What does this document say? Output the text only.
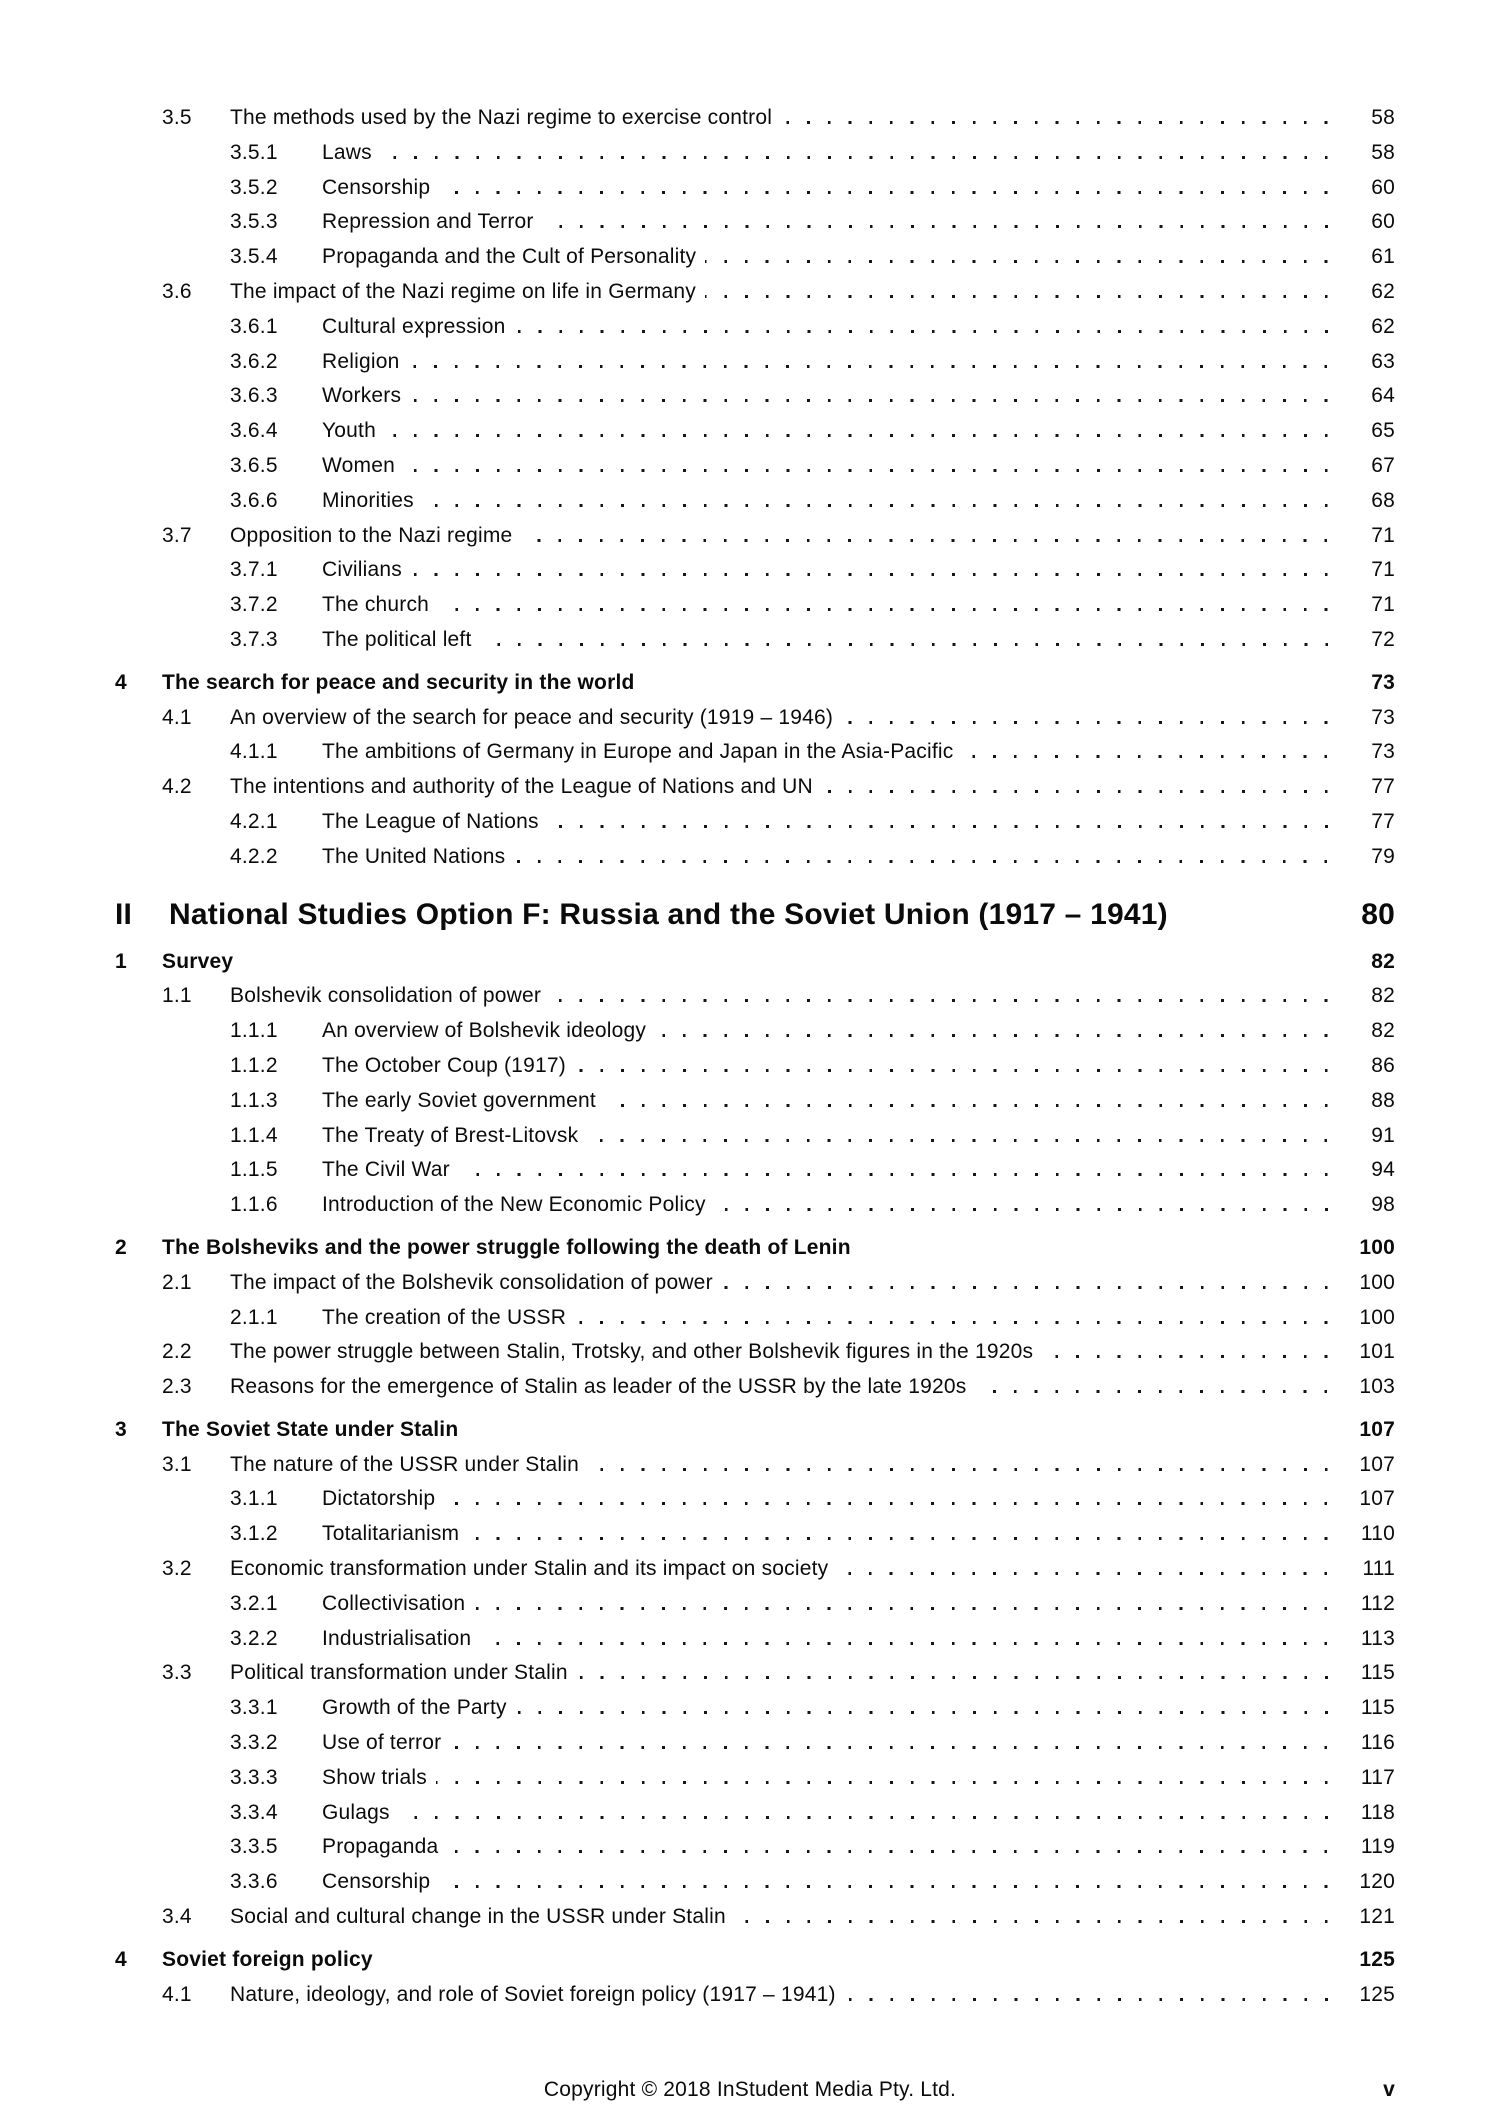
3.5	The methods used by the Nazi regime to exercise control	58
3.5.1	Laws	58
3.5.2	Censorship	60
3.5.3	Repression and Terror	60
3.5.4	Propaganda and the Cult of Personality	61
3.6	The impact of the Nazi regime on life in Germany	62
3.6.1	Cultural expression	62
3.6.2	Religion	63
3.6.3	Workers	64
3.6.4	Youth	65
3.6.5	Women	67
3.6.6	Minorities	68
3.7	Opposition to the Nazi regime	71
3.7.1	Civilians	71
3.7.2	The church	71
3.7.3	The political left	72
4	The search for peace and security in the world	73
4.1	An overview of the search for peace and security (1919 – 1946)	73
4.1.1	The ambitions of Germany in Europe and Japan in the Asia-Pacific	73
4.2	The intentions and authority of the League of Nations and UN	77
4.2.1	The League of Nations	77
4.2.2	The United Nations	79
II	National Studies Option F: Russia and the Soviet Union (1917 – 1941)	80
1	Survey	82
1.1	Bolshevik consolidation of power	82
1.1.1	An overview of Bolshevik ideology	82
1.1.2	The October Coup (1917)	86
1.1.3	The early Soviet government	88
1.1.4	The Treaty of Brest-Litovsk	91
1.1.5	The Civil War	94
1.1.6	Introduction of the New Economic Policy	98
2	The Bolsheviks and the power struggle following the death of Lenin	100
2.1	The impact of the Bolshevik consolidation of power	100
2.1.1	The creation of the USSR	100
2.2	The power struggle between Stalin, Trotsky, and other Bolshevik figures in the 1920s	101
2.3	Reasons for the emergence of Stalin as leader of the USSR by the late 1920s	103
3	The Soviet State under Stalin	107
3.1	The nature of the USSR under Stalin	107
3.1.1	Dictatorship	107
3.1.2	Totalitarianism	110
3.2	Economic transformation under Stalin and its impact on society	111
3.2.1	Collectivisation	112
3.2.2	Industrialisation	113
3.3	Political transformation under Stalin	115
3.3.1	Growth of the Party	115
3.3.2	Use of terror	116
3.3.3	Show trials	117
3.3.4	Gulags	118
3.3.5	Propaganda	119
3.3.6	Censorship	120
3.4	Social and cultural change in the USSR under Stalin	121
4	Soviet foreign policy	125
4.1	Nature, ideology, and role of Soviet foreign policy (1917 – 1941)	125
Copyright © 2018 InStudent Media Pty. Ltd.	v
